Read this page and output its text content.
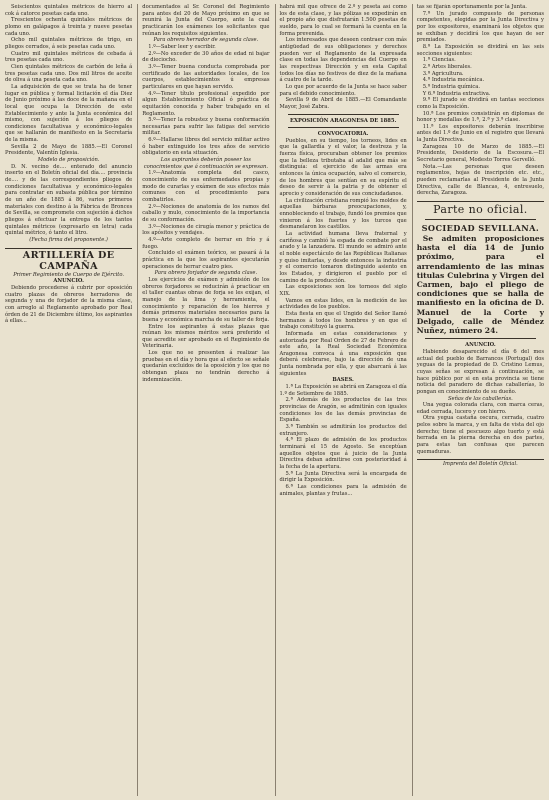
Seiscientos quintales métricos de hierro al cok á catorce pesetas cada uno.

Trescientos ochenta quintales métricos de plomo en galápagos á treinta y nueve pesetas cada uno.

Ocho mil quintales métricos de trigo, en pliegos cerrados, á seis pesetas cada uno.

Cuatro mil quintales métricos de cebada á tres pesetas cada uno.

Cien quintales métricos de carbón de leña á tres pesetas cada uno. Dos mil litros de aceite de oliva á una peseta cada uno.

La adquisición de que se trata ha de tener lugar en pública y formal licitación el día Diez de Junio próximo á las doce de la mañana en el local que ocupa la Dirección de este Establecimiento y ante la Junta económica del mismo, con sujeción á los pliegos de condiciones facultativas y económico-legales que se hallarán de manifiesto en la Secretaría de la misma.

Sevilla 2 de Mayo de 1885.—El Coronel Presidente, Valentín Iglesia.

Modelo de proposición.

D. N. vecino de.... enterado del anuncio inserto en el Boletín oficial del día.... provincia de.... y de las correspondientes pliegos de condiciones facultativas y económico-legales para contratar en subasta pública por término de un año de 1885 á 86, varios primeros materiales con destino á la Fábrica de Bronces de Sevilla, se compromete con sujeción á dichos pliegos á efectuar la entrega de los tantos quintales métricos (expresarlo en letra) cada quintal métrico, ó tanto el litro.

(Fecha firma del proponente.)

ARTILLERÍA DE CAMPAÑA

Primer Regimiento de Cuerpo de Ejército.

ANUNCIO.

Debiendo procederse á cubrir por oposición cuatro plazas de obreros herradores de segunda y una de forjador de la misma clase, con arreglo al Reglamento aprobado por Real órden de 21 de Diciembre último, los aspirantes á ellas...

documentados al Sr. Coronel del Regimiento para antes del 20 de Mayo próximo en que se reunirá la Junta del Cuerpo, ante la cual practicarán los exámenes los solicitantes que reúnan los requisitos siguientes.

Para obrero herrador de segunda clase.

1.º—Saber leer y escribir.

2.º—No exceder de 30 años de edad ni bajar de dieciocho.

3.º—Tener buena conducta comprobada por certificado de las autoridades locales, de los cuerpos, establecimientos ú empresas particulares en que hayan servido.

4.º—Tener título profesional expedido por algun Establecimiento Oficial ó práctica de equitación conocida y haber trabajado en el Reglamento.

5.º—Tener la robustez y buena conformación necesarias para sufrir las fatigas del servicio militar.

6.º—Hallarse libres del servicio militar activo ó haber extinguido los tres años de servicio obligatorio en esta situación.

Los aspirantes deberán poseer los conocimientos que á continuación se expresan.

1.º—Anatomía completa del casco, conocimiento de sus enfermedades propias y modo de curarlas y exámen de sus efectos más comunes con el procedimiento para combatirlos.

2.º—Nociones de anatomía de los ramos del caballo y mulo, conocimiento de la importancia de su conformación.

3.º—Nociones de cirugía menor y práctica de los apósitos y vendajes.

4.º—Arte completo de herrar en frío y á fuego.

Concluido el exámen teórico, se pasará á la práctica en la que los aspirantes ejecutarán operaciones de herrar cuatro pies.

Para obrero forjador de segunda clase.

Los ejercicios de exámen y admisión de los obreros forjadores se reducirán á practicar en el taller cuantas obras de forja se les exijan, el manejo de la lima y herramienta, el conocimiento y reparación de los hierros y demás primeros materiales necesarios para la buena y económica marcha de su taller de forja.

Entre los aspirantes á estas plazas que reúnan los mismos méritos será preferido el que acredite ser aprobado en el Regimiento de Veterinaria.

Los que no se presenten á realizar las pruebas en el día y hora que al efecto se señale quedarán excluidos de la oposición y los que no obtengan plaza no tendrán derecho á indemnización.

habrá mil que ofrece de 2.º y peseta así como los de esta clase, y las pólizas se expedirán en el propio año que disfrutarán 1.500 pesetas de sueldo, para lo cual se formará la cuenta en la forma prevenida.

Los interesados que deseen contraer con más antigüedad de sus obligaciones y derechos pueden ver el Reglamento de la expresada clase en todas las dependencias del Cuerpo en las respectivas Dirección y en esta Capital todos los días no festivos de diez de la mañana á cuatro de la tarde.

Lo que por acuerdo de la Junta se hace saber para el debido conocimiento.

Sevilla 9 de Abril de 1885.—El Comandante Mayor, José Zabra.

EXPOSICIÓN ARAGONESA DE 1885.

CONVOCATORIA.

Pueblos, en su tiempo, los torneos, lides en que la gallardía y el valor, la destreza y la fuerza física, procuraban obtener los premios que la belleza tributaba al adalid que más se distinguía: el ejercicio de las armas era entonces la única ocupación, salvo el comercio, de los hombres que sentían en su espíritu el deseo de servir á la patria y de obtener el aprecio y consideración de sus conciudadanos.

La civilización cristiana rompió los moldes de aquellas bárbaras preocupaciones, y, ennobleciendo el trabajo, fundó los premios que vinieron á los fuertes y los turcos que desmanelaron los castillos.

La actividad humana lleva fraternal y cariñosa y cambió la espada de combate por el arado y la lanzadera. El mundo se admiró ante el noble espectáculo de las Repúblicas Italianas y quiso imitarlas, y desde entonces la industria y el comercio tomaron distinguido asiento en los Estados, y dirigieron el pueblo por el camino de la producción.

Las exposiciones son los torneos del siglo XIX.

Vamos en estas lides, en la medición de las actividades de los pueblos.

Esta fiesta en que el Ungido del Señor llamó hermanos á todos los hombres y en que el trabajo constituyó la guerra.

Informada en estas consideraciones y autorizada por Real Orden de 27 de Febrero de este año, la Real Sociedad Económica Aragonesa convoca á una exposición que deberá celebrarse, bajo la dirección de una Junta nombrada por ella, y que abarcará á las siguientes

BASES.

1.ª La Exposición se abrirá en Zaragoza el día 1.º de Setiembre de 1885.

2.ª Además de los productos de las tres provincias de Aragón, se admitirán con iguales condiciones los de las demás provincias de España.

3.ª También se admitirán los productos del extranjero.

4.ª El plazo de admisión de los productos terminará el 15 de Agosto. Se exceptúan aquellos objetos que á juicio de la Junta Directiva deban admitirse con posterioridad á la fecha de la apertura.

5.ª La Junta Directiva será la encargada de dirigir la Exposición.

6.ª Las condiciones para la admisión de animales, plantas y frutas...

tas se fijarán oportunamente por la Junta.

7.ª Un jurado compuesto de personas competentes, elegidas por la Junta Directiva y por los expositores, examinará los objetos que se exhiban y decidirá los que hayan de ser premiados.

8.ª La Exposición se dividirá en las seis secciones siguientes:

1.ª Ciencias.

2.ª Artes liberales.

3.ª Agricultura.

4.ª Industria mecánica.

5.ª Industria química.

Y 6.ª Industria extractiva.

9.ª El jurado se dividirá en tantas secciones como la Exposición.

10.ª Los premios consistirán en diplomas de honor y medallas de 1.ª, 2.ª y 3.ª clase.

11.ª Los expositores deberán inscribirse antes del 1.º de Junio en el registro que llevará la Junta Directiva.

Zaragoza 10 de Marzo de 1885.—El Presidente, Desiderio de la Escosura.—El Secretario general, Modesto Torres Gervelló.

Nota.—Las personas que deseen reglamentos, hojas de inscripción etc. etc., pueden reclamarlas al Presidente de la Junta Directiva, calle de Blancas, 4, entresuelo, derecha, Zaragoza.

Parte no oficial.

SOCIEDAD SEVILLANA.

Se admiten proposiciones hasta el día 14 de Junio próximo, para el arrendamiento de las minas titulas Culebrina y Virgen del Carmen, bajo el pliego de condiciones que se halla de manifiesto en la oficina de D. Manuel de la Corte y Delgado, calle de Méndez Nuñez, número 24.

ANUNCIO.

Habiendo desaparecido el día 6 del mes actual del pueblo de Barrancos (Portugal) dos yeguas de la propiedad de D. Cristino Lemus, cuyas señas se expresan á continuación, se hace público por si en esta provincia se tiene noticia del paradero de dichas caballerías, lo pongan en conocimiento de su dueño.

Señas de las caballerías.

Una yegua colorada clara, con marca ceras, edad cerrada, lucero y con hierro.

Otra yegua castaña oscura, cerrada, cuatro pelos sobre la marca, y en falta de vista del ojo derecho; tiene el pescuezo algo tuerto y está herrada en la pierna derecha en dos partes, para estas tan confusas que parecen quemaduras.

Imprenta del Boletín Oficial.
